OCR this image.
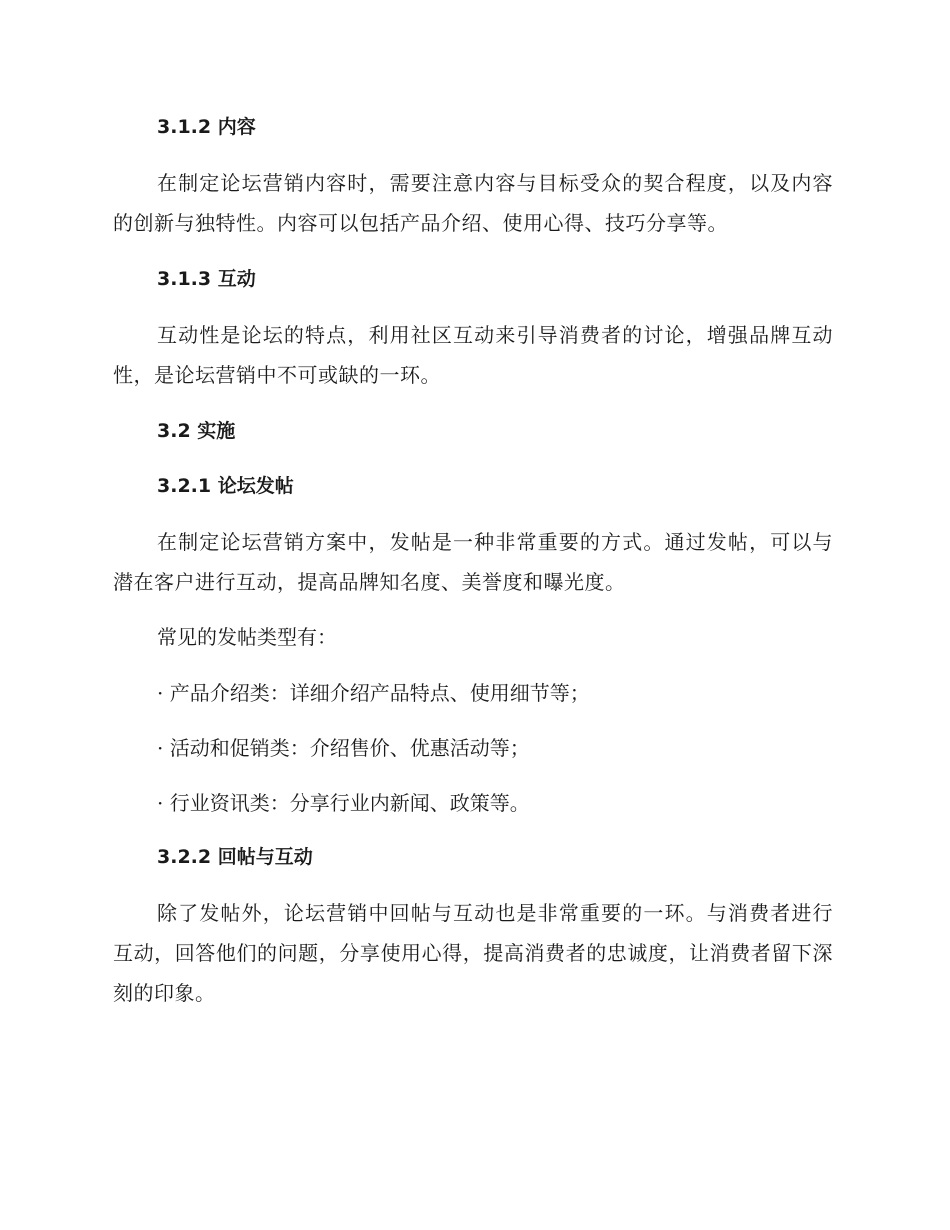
3.1.2 内容

在制定论坛营销内容时，需要注意内容与目标受众的契合程度，以及内容的创新与独特性。内容可以包括产品介绍、使用心得、技巧分享等。

3.1.3 互动

互动性是论坛的特点，利用社区互动来引导消费者的讨论，增强品牌互动性，是论坛营销中不可或缺的一环。

3.2 实施
3.2.1 论坛发帖

在制定论坛营销方案中，发帖是一种非常重要的方式。通过发帖，可以与潜在客户进行互动，提高品牌知名度、美誉度和曝光度。

常见的发帖类型有：

· 产品介绍类：详细介绍产品特点、使用细节等；

· 活动和促销类：介绍售价、优惠活动等；

· 行业资讯类：分享行业内新闻、政策等。

3.2.2 回帖与互动

除了发帖外，论坛营销中回帖与互动也是非常重要的一环。与消费者进行互动，回答他们的问题，分享使用心得，提高消费者的忠诚度，让消费者留下深刻的印象。
